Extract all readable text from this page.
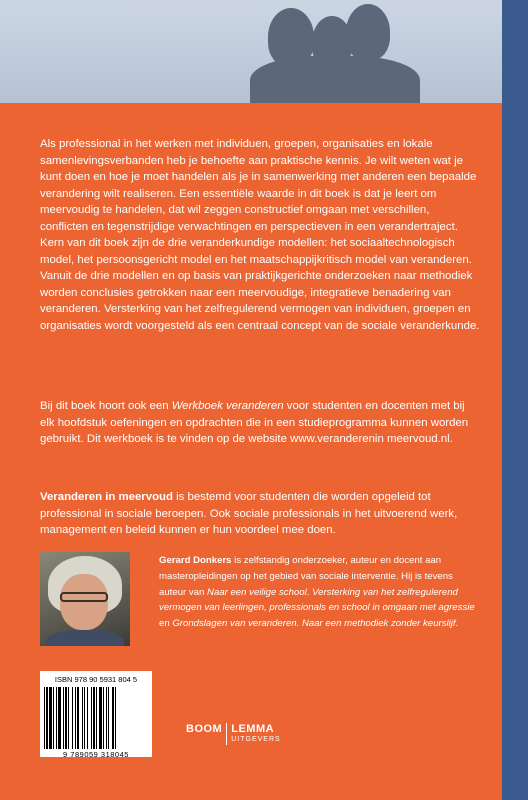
Als professional in het werken met individuen, groepen, organisaties en lokale samenlevingsverbanden heb je behoefte aan praktische kennis. Je wilt weten wat je kunt doen en hoe je moet handelen als je in samenwerking met anderen een bepaalde verandering wilt realiseren. Een essentiële waarde in dit boek is dat je leert om meervoudig te handelen, dat wil zeggen constructief omgaan met verschillen, conflicten en tegenstrijdige verwachtingen en perspectieven in een verandertraject.

Kern van dit boek zijn de drie veranderkundige modellen: het sociaaltechnologisch model, het persoonsgericht model en het maatschappijkritisch model van veranderen.

Vanuit de drie modellen en op basis van praktijkgerichte onderzoeken naar methodiek worden conclusies getrokken naar een meervoudige, integratieve benadering van veranderen. Versterking van het zelfregulerend vermogen van individuen, groepen en organisaties wordt voorgesteld als een centraal concept van de sociale veranderkunde.

Bij dit boek hoort ook een Werkboek veranderen voor studenten en docenten met bij elk hoofdstuk oefeningen en opdrachten die in een studieprogramma kunnen worden gebruikt. Dit werkboek is te vinden op de website www.veranderenin meervoud.nl.

Veranderen in meervoud is bestemd voor studenten die worden opgeleid tot professional in sociale beroepen. Ook sociale professionals in het uitvoerend werk, management en beleid kunnen er hun voordeel mee doen.

Gerard Donkers is zelfstandig onderzoeker, auteur en docent aan masteropleidingen op het gebied van sociale interventie. Hij is tevens auteur van Naar een veilige school. Versterking van het zelfregulerend vermogen van leerlingen, professionals en school in omgaan met agressie en Grondslagen van veranderen. Naar een methodiek zonder keurslijf.

ISBN 978 90 5931 804 5
9 789059 318045
BOOM LEMMA
UITGEVERS
